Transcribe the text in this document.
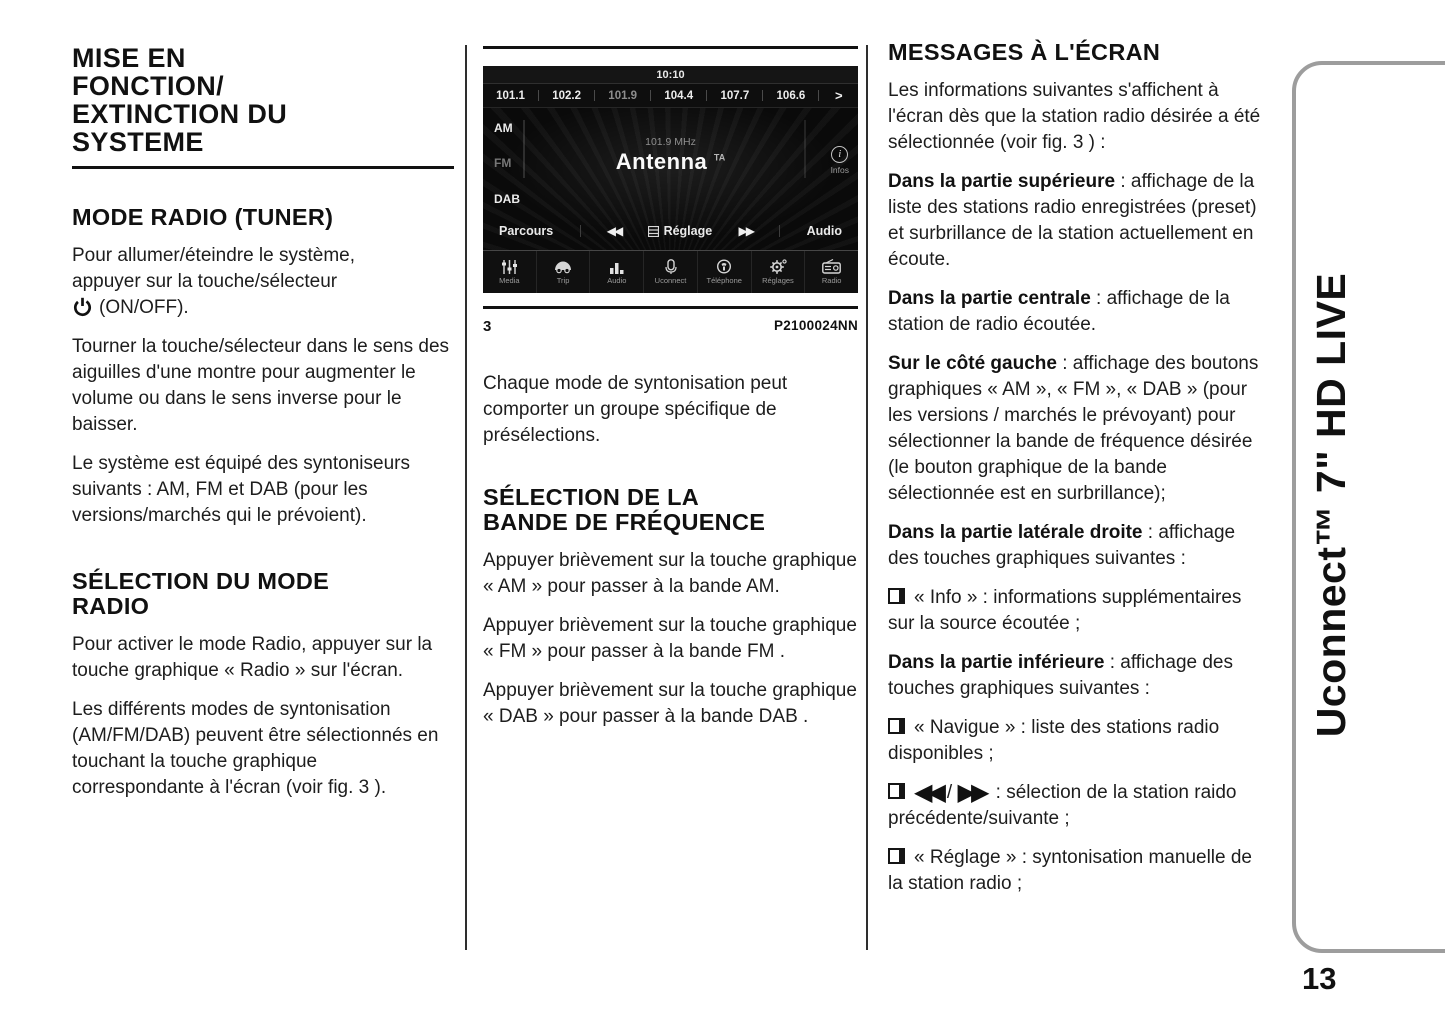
MISE EN
FONCTION/
EXTINCTION DU
SYSTEME
MODE RADIO (TUNER)

Pour allumer/éteindre le système,
appuyer sur la touche/sélecteur
(ON/OFF).

Tourner la touche/sélecteur dans le sens des aiguilles d'une montre pour augmenter le volume ou dans le sens inverse pour le baisser.

Le système est équipé des syntoniseurs suivants : AM, FM et DAB (pour les versions/marchés qui le prévoient).

SÉLECTION DU MODE
RADIO

Pour activer le mode Radio, appuyer sur la touche graphique « Radio » sur l'écran.

Les différents modes de syntonisation (AM/FM/DAB) peuvent être sélectionnés en touchant la touche graphique correspondante à l'écran (voir fig. 3 ).

10:10
101.1	102.2	101.9	104.4	107.7	106.6	>
AM
FM
DAB
101.9 MHz
Antenna $^{TA}$	i
Infos
Parcours	◀◀	Réglage ▶▶	Audio
Media	Trip	Audio	Uconnect	Téléphone	Réglages	Radio
3	P2100024NN

Chaque mode de syntonisation peut comporter un groupe spécifique de présélections.

SÉLECTION DE LA
BANDE DE FRÉQUENCE

Appuyer brièvement sur la touche graphique « AM » pour passer à la bande AM.

Appuyer brièvement sur la touche graphique « FM » pour passer à la bande FM .

Appuyer brièvement sur la touche graphique « DAB » pour passer à la bande DAB .

MESSAGES À L'ÉCRAN

Les informations suivantes s'affichent à l'écran dès que la station radio désirée a été sélectionnée (voir fig. 3 ) :

Dans la partie supérieure : affichage de la liste des stations radio enregistrées (preset) et surbrillance de la station actuellement en écoute.

Dans la partie centrale : affichage de la station de radio écoutée.

Sur le côté gauche : affichage des boutons graphiques « AM », « FM », « DAB » (pour les versions / marchés le prévoyant) pour sélectionner la bande de fréquence désirée (le bouton graphique de la bande sélectionnée est en surbrillance);

Dans la partie latérale droite : affichage des touches graphiques suivantes :

« Info » : informations supplémentaires sur la source écoutée ;

Dans la partie inférieure : affichage des touches graphiques suivantes :

« Navigue » : liste des stations radio disponibles ;

◀◀ / ▶▶ : sélection de la station raido précédente/suivante ;

« Réglage » : syntonisation manuelle de la station radio ;

Uconnect™ 7" HD LIVE
13
